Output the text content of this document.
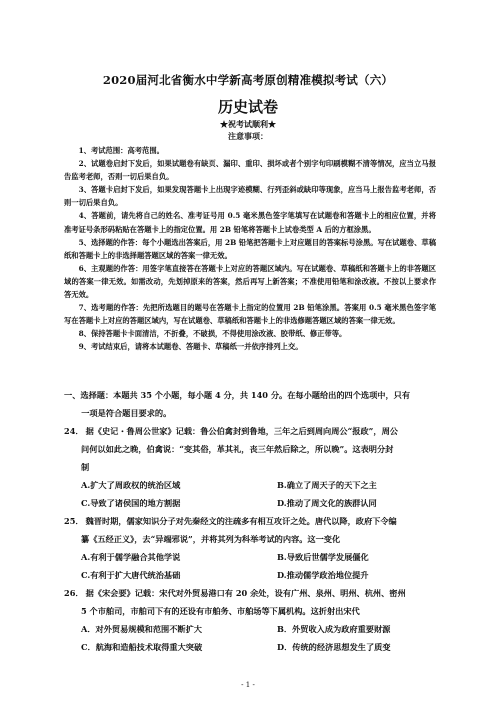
2020届河北省衡水中学新高考原创精准模拟考试（六）
历史试卷
★祝考试顺利★
注意事项：

1、考试范围：高考范围。

2、试题卷启封下发后，如果试题卷有缺页、漏印、重印、损坏或者个别字句印刷模糊不清等情况，应当立马报告监考老师，否则一切后果自负。

3、答题卡启封下发后，如果发现答题卡上出现字迹模糊、行列歪斜或缺印等现象，应当马上报告监考老师，否则一切后果自负。

4、答题前，请先将自己的姓名、准考证号用 0.5 毫米黑色签字笔填写在试题卷和答题卡上的相应位置，并将准考证号条形码粘贴在答题卡上的指定位置。用 2B 铅笔将答题卡上试卷类型 A 后的方框涂黑。

5、选择题的作答：每个小题选出答案后，用 2B 铅笔把答题卡上对应题目的答案标号涂黑。写在试题卷、草稿纸和答题卡上的非选择题答题区域的答案一律无效。

6、主观题的作答：用签字笔直接答在答题卡上对应的答题区域内。写在试题卷、草稿纸和答题卡上的非答题区域的答案一律无效。如需改动，先划掉原来的答案，然后再写上新答案；不准使用铅笔和涂改液。不按以上要求作答无效。

7、选考题的作答：先把所选题目的题号在答题卡上指定的位置用 2B 铅笔涂黑。答案用 0.5 毫米黑色签字笔写在答题卡上对应的答题区域内，写在试题卷、草稿纸和答题卡上的非选修题答题区域的答案一律无效。

8、保持答题卡卡面清洁，不折叠，不破损，不得使用涂改液、胶带纸、修正带等。

9、考试结束后，请将本试题卷、答题卡、草稿纸一并依序排列上交。

一、选择题：本题共 35 个小题，每小题 4 分，共 140 分。在每小题给出的四个选项中，只有

一项是符合题目要求的。

24． 据《史记・鲁周公世家》记载：鲁公伯禽封到鲁地，三年之后到周向周公“报政”，周公
问何以如此之晚，伯禽说：“变其俗，革其礼，丧三年然后除之，所以晚”。这表明分封
制
A.扩大了周政权的统治区域	B.确立了周天子的天下之主
C.导致了诸侯国的地方割据	D.推动了周文化的族群认同
25． 魏晋时期，儒家知识分子对先秦经文的注疏多有相互攻讦之处。唐代以降，政府下令编
纂《五经正义》，去“异端邪说”，并将其列为科举考试的内容。这一变化
A.有利于儒学融合其他学说	B.导致后世儒学发展僵化
C.有利于扩大唐代统治基础	D.推动儒学政治地位提升
26． 据《宋会要》记载：宋代对外贸易港口有 20 余处，设有广州、泉州、明州、杭州、密州
5 个市舶司，市舶司下有的还设有市舶务、市舶场等下属机构。这折射出宋代
A．对外贸易规模和范围不断扩大	B．外贸收入成为政府重要财源
C．航海和造船技术取得重大突破	D．传统的经济思想发生了质变
- 1 -
